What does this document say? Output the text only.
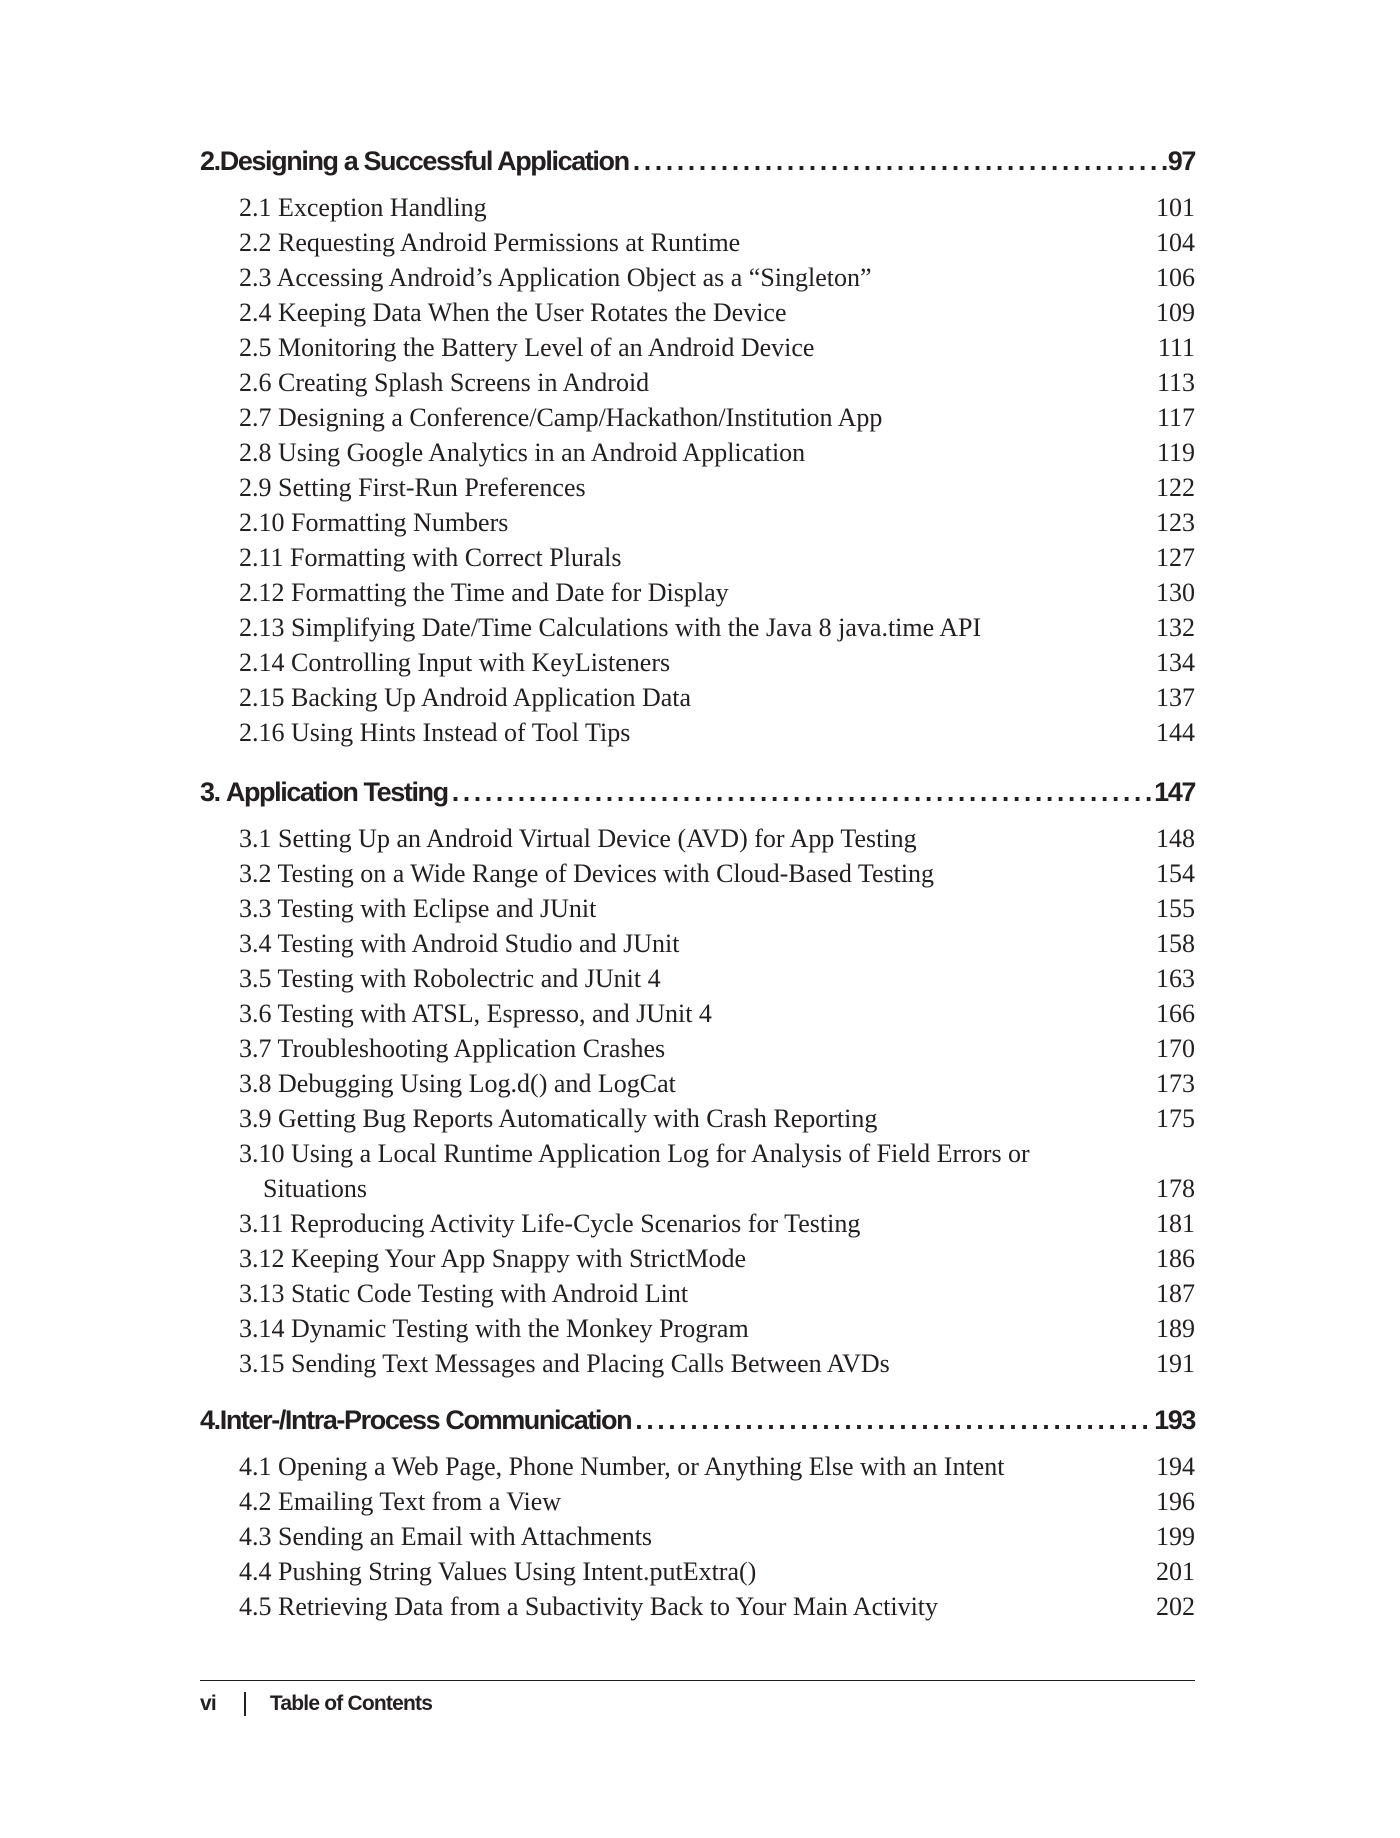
2. Designing a Successful Application . . .	97
2.1 Exception Handling	101
2.2 Requesting Android Permissions at Runtime	104
2.3 Accessing Android’s Application Object as a “Singleton”	106
2.4 Keeping Data When the User Rotates the Device	109
2.5 Monitoring the Battery Level of an Android Device	111
2.6 Creating Splash Screens in Android	113
2.7 Designing a Conference/Camp/Hackathon/Institution App	117
2.8 Using Google Analytics in an Android Application	119
2.9 Setting First-Run Preferences	122
2.10 Formatting Numbers	123
2.11 Formatting with Correct Plurals	127
2.12 Formatting the Time and Date for Display	130
2.13 Simplifying Date/Time Calculations with the Java 8 java.time API	132
2.14 Controlling Input with KeyListeners	134
2.15 Backing Up Android Application Data	137
2.16 Using Hints Instead of Tool Tips	144
3. Application Testing . . .	147
3.1 Setting Up an Android Virtual Device (AVD) for App Testing	148
3.2 Testing on a Wide Range of Devices with Cloud-Based Testing	154
3.3 Testing with Eclipse and JUnit	155
3.4 Testing with Android Studio and JUnit	158
3.5 Testing with Robolectric and JUnit 4	163
3.6 Testing with ATSL, Espresso, and JUnit 4	166
3.7 Troubleshooting Application Crashes	170
3.8 Debugging Using Log.d() and LogCat	173
3.9 Getting Bug Reports Automatically with Crash Reporting	175
3.10 Using a Local Runtime Application Log for Analysis of Field Errors or
Situations	178
3.11 Reproducing Activity Life-Cycle Scenarios for Testing	181
3.12 Keeping Your App Snappy with StrictMode	186
3.13 Static Code Testing with Android Lint	187
3.14 Dynamic Testing with the Monkey Program	189
3.15 Sending Text Messages and Placing Calls Between AVDs	191
4. Inter-/Intra-Process Communication . . .	193
4.1 Opening a Web Page, Phone Number, or Anything Else with an Intent	194
4.2 Emailing Text from a View	196
4.3 Sending an Email with Attachments	199
4.4 Pushing String Values Using Intent.putExtra()	201
4.5 Retrieving Data from a Subactivity Back to Your Main Activity	202
vi	Table of Contents
